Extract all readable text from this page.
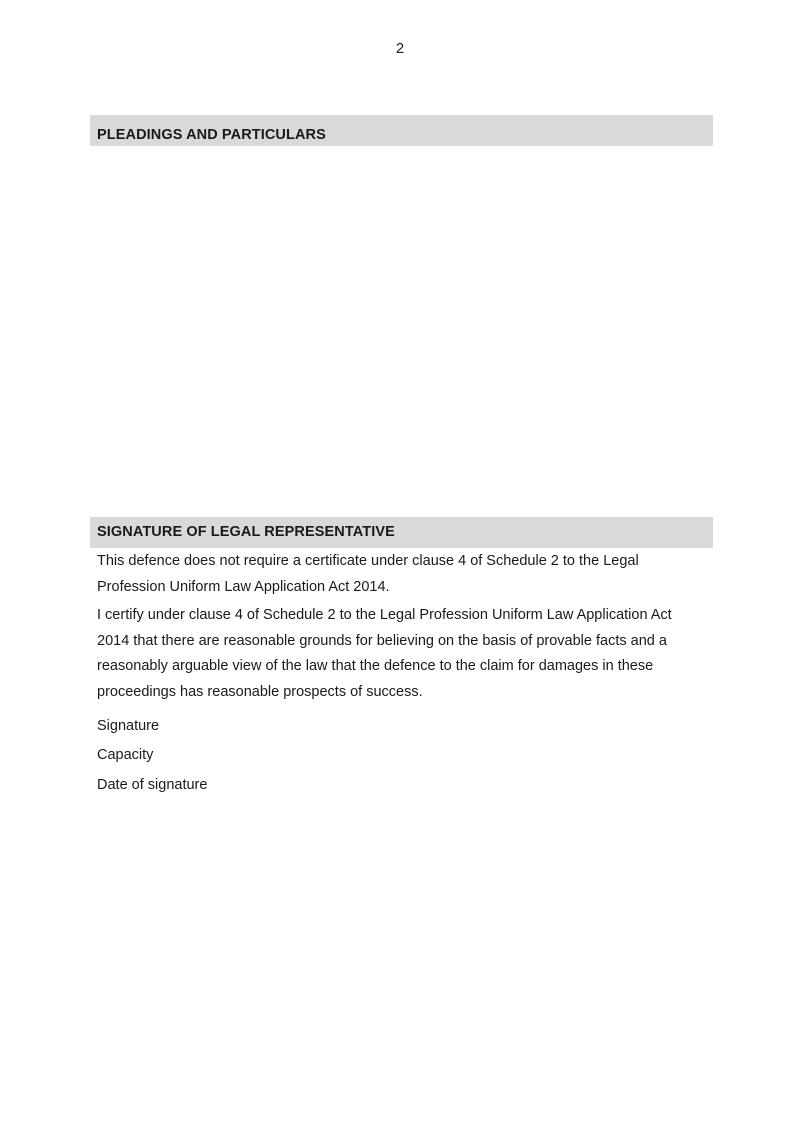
2
PLEADINGS AND PARTICULARS
SIGNATURE OF LEGAL REPRESENTATIVE
This defence does not require a certificate under clause 4 of Schedule 2 to the Legal Profession Uniform Law Application Act 2014.
I certify under clause 4 of Schedule 2 to the Legal Profession Uniform Law Application Act 2014 that there are reasonable grounds for believing on the basis of provable facts and a reasonably arguable view of the law that the defence to the claim for damages in these proceedings has reasonable prospects of success.
Signature
Capacity
Date of signature
